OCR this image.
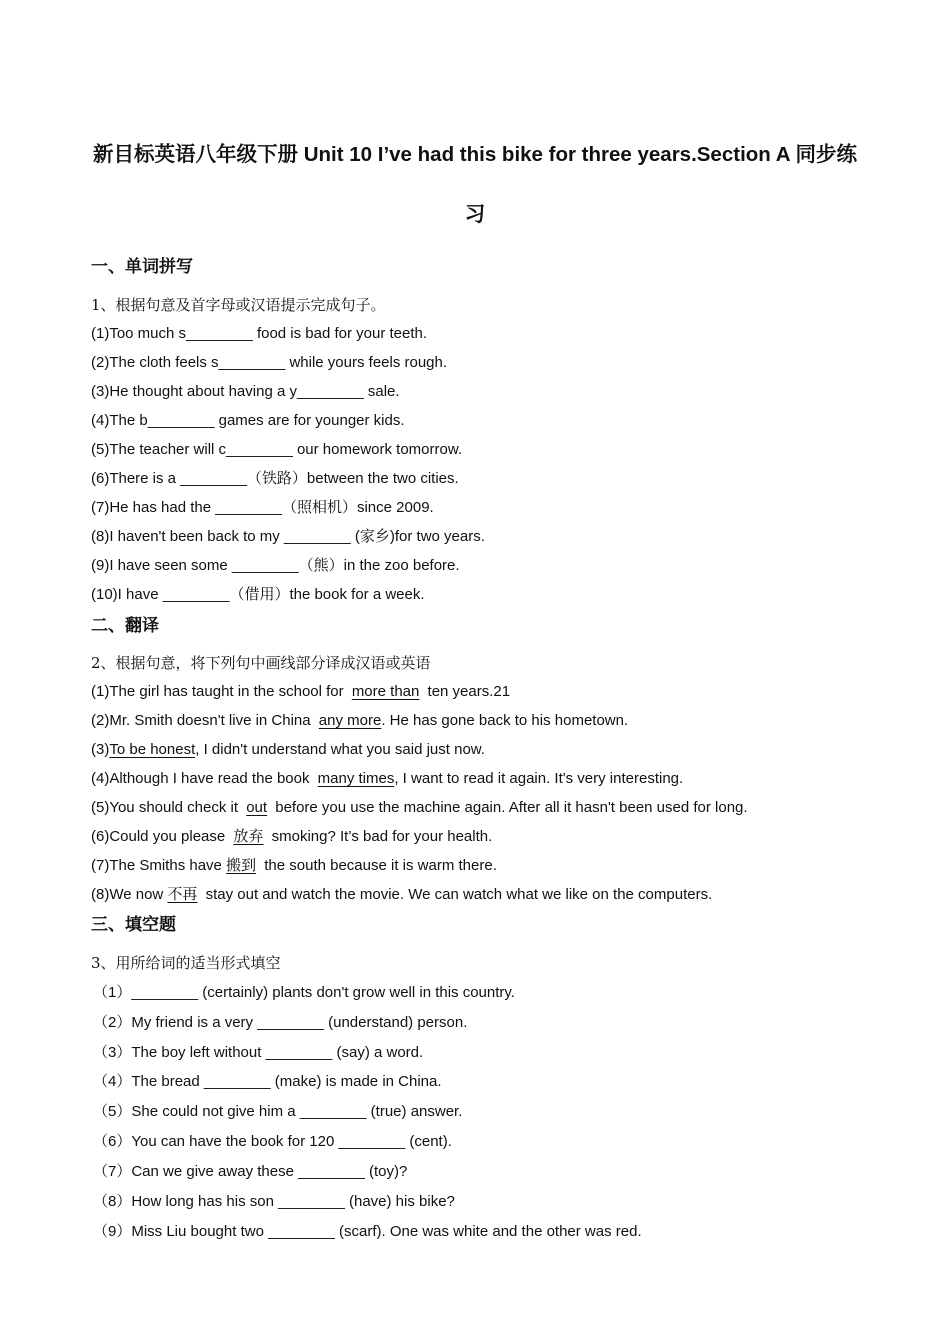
新目标英语八年级下册 Unit 10 I’ve had this bike for three years.Section A 同步练
习
一、单词拼写

1、根据句意及首字母或汉语提示完成句子。

(1)Too much s________ food is bad for your teeth.

(2)The cloth feels s________ while yours feels rough.

(3)He thought about having a y________ sale.

(4)The b________ games are for younger kids.

(5)The teacher will c________ our homework tomorrow.

(6)There is a ________（铁路）between the two cities.

(7)He has had the ________（照相机）since 2009.

(8)I haven't been back to my ________ (家乡)for two years.

(9)I have seen some ________（熊）in the zoo before.

(10)I have ________（借用）the book for a week.

二、翻译

2、根据句意，将下列句中画线部分译成汉语或英语

(1)The girl has taught in the school for more than ten years.21

(2)Mr. Smith doesn't live in China any more. He has gone back to his hometown.

(3)To be honest, I didn't understand what you said just now.

(4)Although I have read the book many times, I want to read it again. It's very interesting.

(5)You should check it out before you use the machine again. After all it hasn't been used for long.

(6)Could you please 放弃 smoking? It’s bad for your health.

(7)The Smiths have 搬到 the south because it is warm there.

(8)We now 不再 stay out and watch the movie. We can watch what we like on the computers.

三、填空题

3、用所给词的适当形式填空

（1）________ (certainly) plants don't grow well in this country.

（2）My friend is a very ________ (understand) person.

（3）The boy left without ________ (say) a word.

（4）The bread ________ (make) is made in China.

（5）She could not give him a ________ (true) answer.

（6）You can have the book for 120 ________ (cent).

（7）Can we give away these ________ (toy)?

（8）How long has his son ________ (have) his bike?

（9）Miss Liu bought two ________ (scarf). One was white and the other was red.
